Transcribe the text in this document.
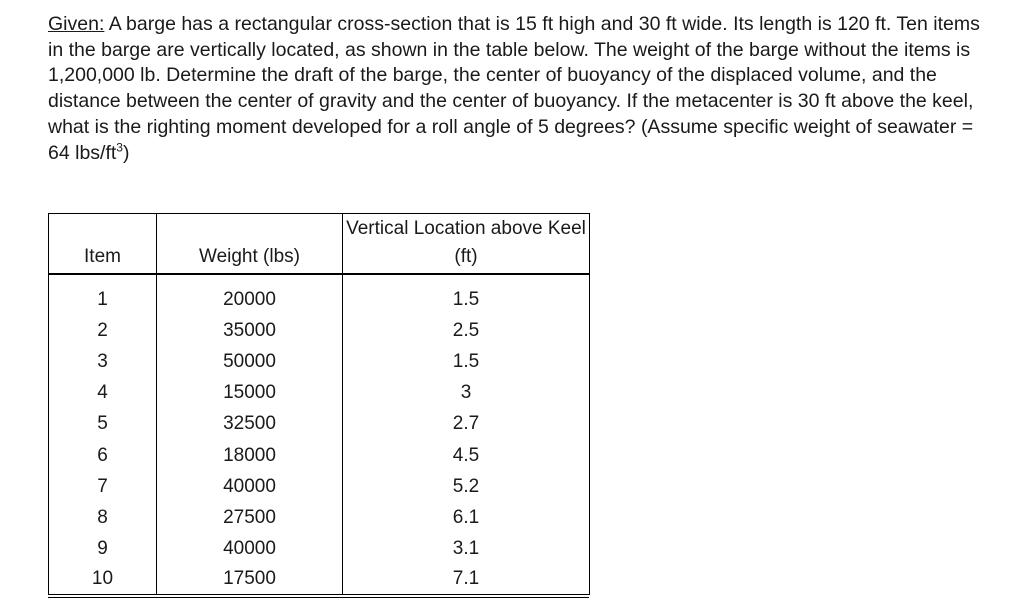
Given: A barge has a rectangular cross-section that is 15 ft high and 30 ft wide. Its length is 120 ft. Ten items in the barge are vertically located, as shown in the table below. The weight of the barge without the items is 1,200,000 lb. Determine the draft of the barge, the center of buoyancy of the displaced volume, and the distance between the center of gravity and the center of buoyancy. If the metacenter is 30 ft above the keel, what is the righting moment developed for a roll angle of 5 degrees? (Assume specific weight of seawater = 64 lbs/$ft^3$)

Item	Weight (lbs)	Vertical Location above Keel (ft)
1	20000	1.5
2	35000	2.5
3	50000	1.5
4	15000	3
5	32500	2.7
6	18000	4.5
7	40000	5.2
8	27500	6.1
9	40000	3.1
10	17500	7.1
